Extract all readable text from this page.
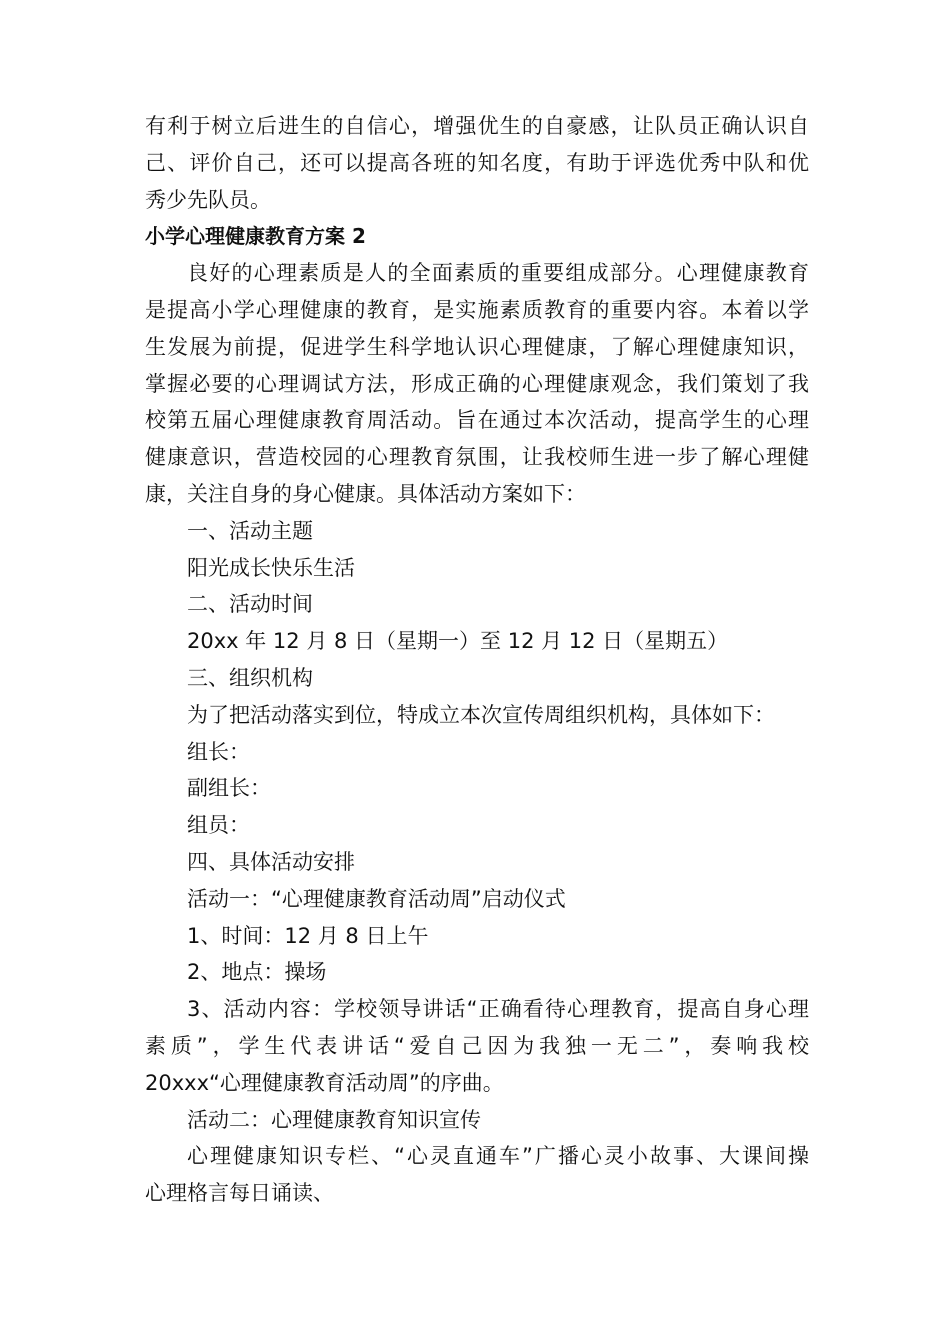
有利于树立后进生的自信心，增强优生的自豪感，让队员正确认识自
己、评价自己，还可以提高各班的知名度，有助于评选优秀中队和优
秀少先队员。
小学心理健康教育方案 2
良好的心理素质是人的全面素质的重要组成部分。心理健康教育
是提高小学心理健康的教育，是实施素质教育的重要内容。本着以学
生发展为前提，促进学生科学地认识心理健康，了解心理健康知识，
掌握必要的心理调试方法，形成正确的心理健康观念，我们策划了我
校第五届心理健康教育周活动。旨在通过本次活动，提高学生的心理
健康意识，营造校园的心理教育氛围，让我校师生进一步了解心理健
康，关注自身的身心健康。具体活动方案如下：
一、活动主题
阳光成长快乐生活
二、活动时间
20xx 年 12 月 8 日（星期一）至 12 月 12 日（星期五）
三、组织机构
为了把活动落实到位，特成立本次宣传周组织机构，具体如下：
组长：
副组长：
组员：
四、具体活动安排
活动一：“心理健康教育活动周”启动仪式
1、时间：12 月 8 日上午
2、地点：操场
3、活动内容：学校领导讲话“正确看待心理教育，提高自身心理
素质”，学生代表讲话“爱自己因为我独一无二”，奏响我校
20xxx“心理健康教育活动周”的序曲。
活动二：心理健康教育知识宣传
心理健康知识专栏、“心灵直通车”广播心灵小故事、大课间操
心理格言每日诵读、
